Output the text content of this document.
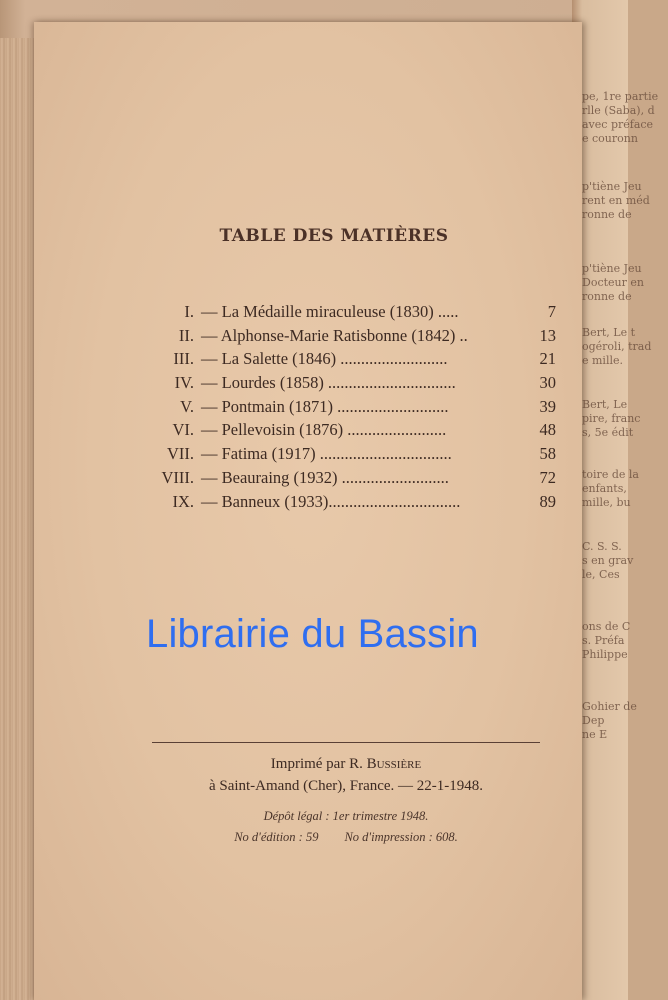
pe, 1re partie
rlle (Saba), d
avec préface
e couronn
p'tiène Jeu
rent en méd
ronne de
p'tiène Jeu
Docteur en
ronne de
Bert, Le t
ogéroli, trad
e mille.
Bert, Le
pire, franc
s, 5e édit
toire de la
enfants,
mille, bu
C. S. S.
s en grav
le, Ces
ons de C
s. Préfa
Philippe
Gohier de
Dep
ne E
TABLE DES MATIÈRES
I. — La Médaille miraculeuse (1830) .....	7
II. — Alphonse-Marie Ratisbonne (1842) ..	13
III. — La Salette (1846) ..........................	21
IV. — Lourdes (1858) ...............................	30
V. — Pontmain (1871) ...........................	39
VI. — Pellevoisin (1876) ........................	48
VII. — Fatima (1917) ................................	58
VIII. — Beauraing (1932) ..........................	72
IX. — Banneux (1933)................................	89
Librairie du Bassin
Imprimé par R. Bussière
à Saint-Amand (Cher), France. — 22-1-1948.
Dépôt légal : 1er trimestre 1948.
No d'édition : 59 No d'impression : 608.
